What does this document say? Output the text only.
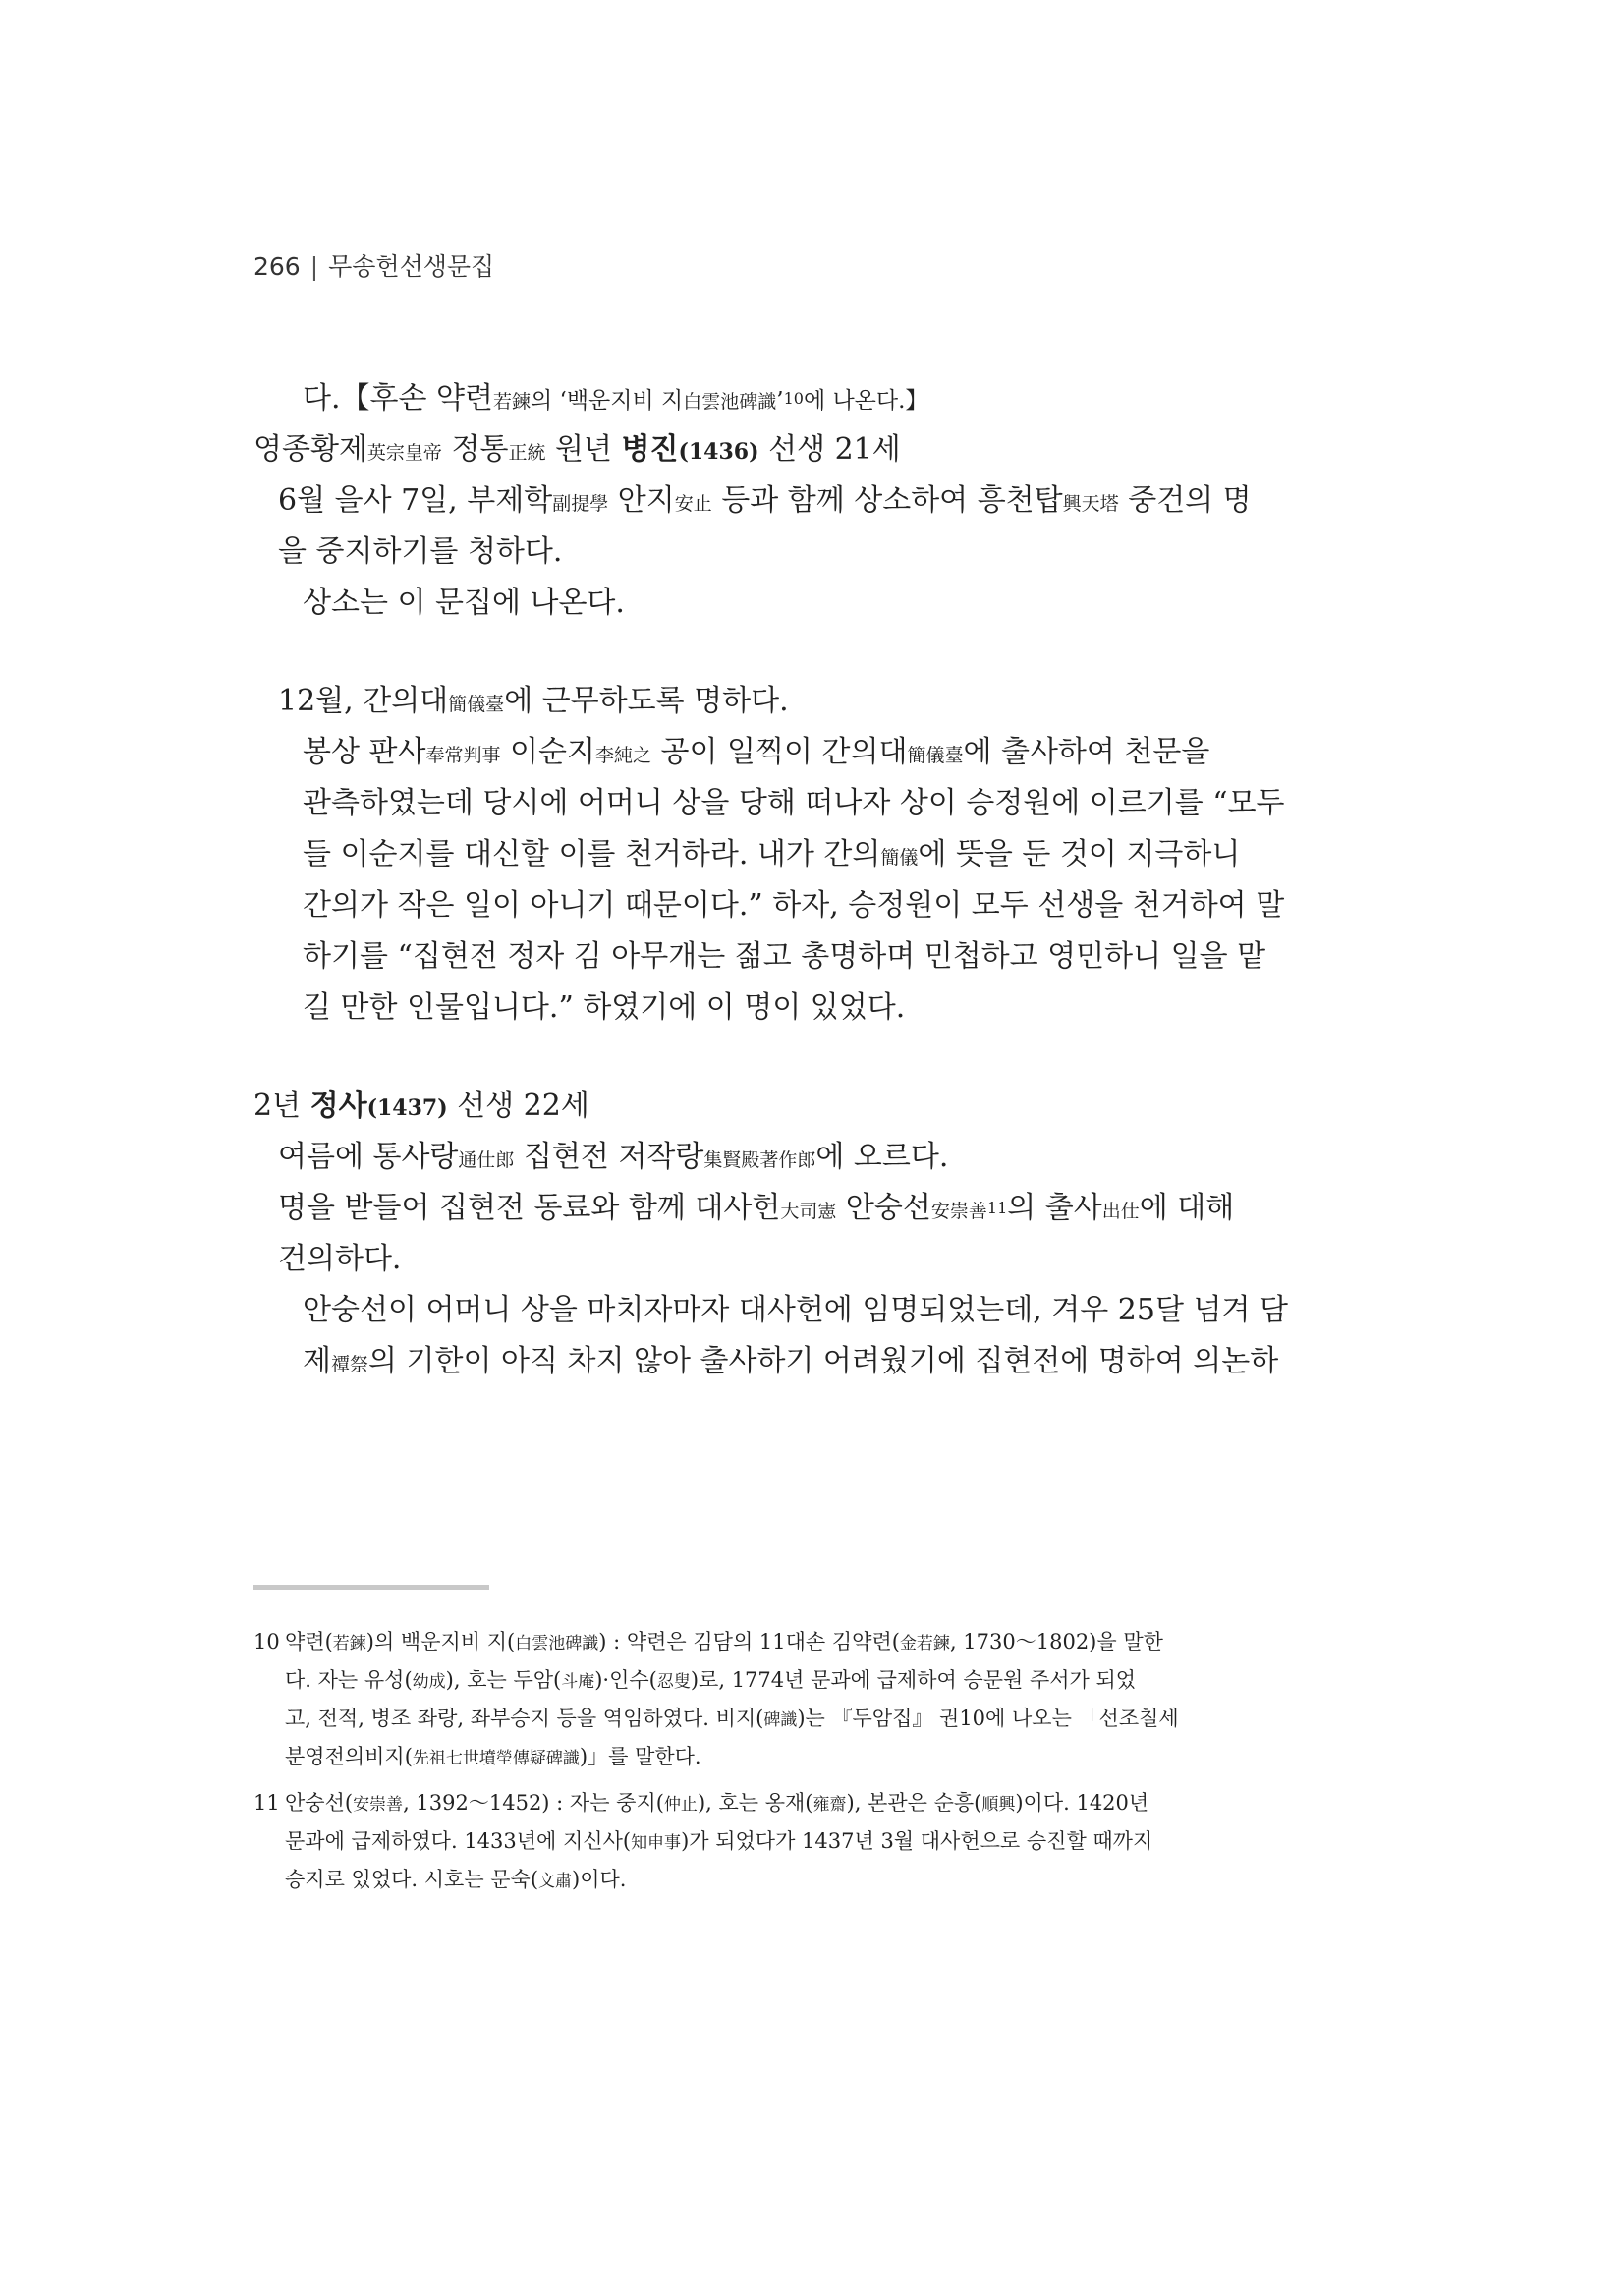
266 | 무송헌선생문집
다.【후손 약련若鍊의 ‘백운지비 지白雲池碑識’$^{10}$에 나온다.】
영종황제英宗皇帝 정통正統 원년 병진(1436) 선생 21세
6월 을사 7일, 부제학副提學 안지安止 등과 함께 상소하여 흥천탑興天塔 중건의 명
을 중지하기를 청하다.
상소는 이 문집에 나온다.
12월, 간의대簡儀臺에 근무하도록 명하다.
봉상 판사奉常判事 이순지李純之 공이 일찍이 간의대簡儀臺에 출사하여 천문을
관측하였는데 당시에 어머니 상을 당해 떠나자 상이 승정원에 이르기를 “모두
들 이순지를 대신할 이를 천거하라. 내가 간의簡儀에 뜻을 둔 것이 지극하니
간의가 작은 일이 아니기 때문이다.” 하자, 승정원이 모두 선생을 천거하여 말
하기를 “집현전 정자 김 아무개는 젊고 총명하며 민첩하고 영민하니 일을 맡
길 만한 인물입니다.” 하였기에 이 명이 있었다.
2년 정사(1437) 선생 22세
여름에 통사랑通仕郎 집현전 저작랑集賢殿著作郎에 오르다.
명을 받들어 집현전 동료와 함께 대사헌大司憲 안숭선安崇善$^{11}$의 출사出仕에 대해
건의하다.
안숭선이 어머니 상을 마치자마자 대사헌에 임명되었는데, 겨우 25달 넘겨 담
제禫祭의 기한이 아직 차지 않아 출사하기 어려웠기에 집현전에 명하여 의논하
10 약련(若鍊)의 백운지비 지(白雲池碑識) : 약련은 김담의 11대손 김약련(金若鍊, 1730～1802)을 말한
다. 자는 유성(幼成), 호는 두암(斗庵)·인수(忍叟)로, 1774년 문과에 급제하여 승문원 주서가 되었
고, 전적, 병조 좌랑, 좌부승지 등을 역임하였다. 비지(碑識)는 『두암집』 권10에 나오는 「선조칠세
분영전의비지(先祖七世墳塋傳疑碑識)」를 말한다.
11 안숭선(安崇善, 1392～1452) : 자는 중지(仲止), 호는 옹재(雍齋), 본관은 순흥(順興)이다. 1420년
문과에 급제하였다. 1433년에 지신사(知申事)가 되었다가 1437년 3월 대사헌으로 승진할 때까지
승지로 있었다. 시호는 문숙(文肅)이다.
